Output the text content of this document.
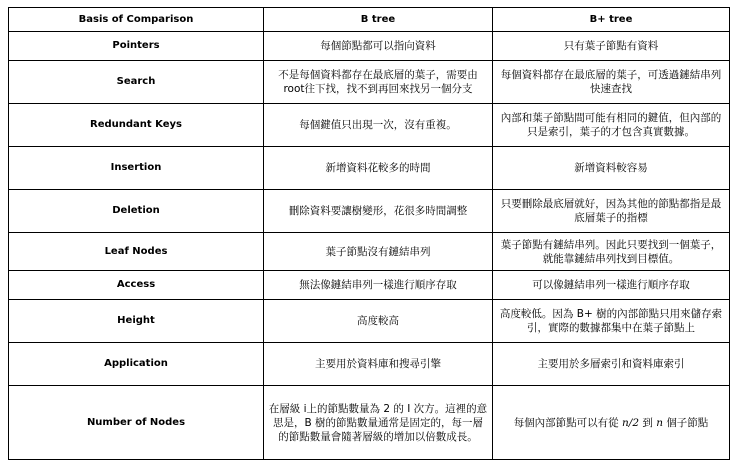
Basis of Comparison	B tree	B+ tree
Pointers	每個節點都可以指向資料	只有葉子節點有資料
Search	不是每個資料都存在最底層的葉子，需要由root往下找，找不到再回來找另一個分支	每個資料都存在最底層的葉子，可透過鏈結串列快速查找
Redundant Keys	每個鍵值只出現一次，沒有重複。	內部和葉子節點間可能有相同的鍵值，但內部的只是索引，葉子的才包含真實數據。
Insertion	新增資料花較多的時間	新增資料較容易
Deletion	刪除資料要讓樹變形，花很多時間調整	只要刪除最底層就好，因為其他的節點都指是最底層葉子的指標
Leaf Nodes	葉子節點沒有鏈結串列	葉子節點有鏈結串列。因此只要找到一個葉子，就能靠鏈結串列找到目標值。
Access	無法像鏈結串列一樣進行順序存取	可以像鏈結串列一樣進行順序存取
Height	高度較高	高度較低。因為 B+ 樹的內部節點只用來儲存索引，實際的數據都集中在葉子節點上
Application	主要用於資料庫和搜尋引擎	主要用於多層索引和資料庫索引
Number of Nodes	在層級 i上的節點數量為 2 的 I 次方。這裡的意思是，B 樹的節點數量通常是固定的，每一層的節點數量會隨著層級的增加以倍數成長。	每個內部節點可以有從 n/2 到 n 個子節點
